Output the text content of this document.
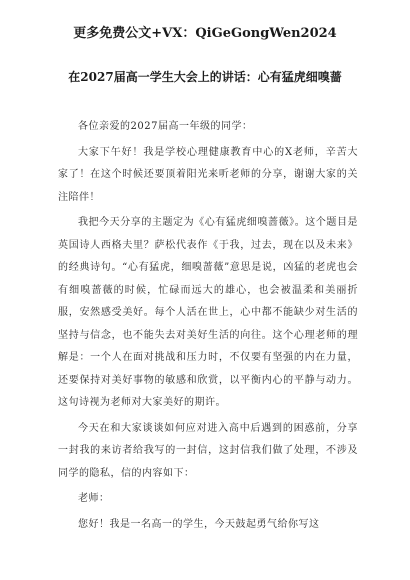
更多免费公文+VX：QiGeGongWen2024
在2027届高一学生大会上的讲话：心有猛虎细嗅蔷

各位亲爱的2027届高一年级的同学：

大家下午好！我是学校心理健康教育中心的X老师，辛苦大家了！在这个时候还要顶着阳光来听老师的分享，谢谢大家的关注陪伴！

我把今天分享的主题定为《心有猛虎细嗅蔷薇》。这个题目是英国诗人西格夫里？萨松代表作《于我，过去，现在以及未来》的经典诗句。“心有猛虎，细嗅蔷薇”意思是说，凶猛的老虎也会有细嗅蔷薇的时候，忙碌而远大的雄心，也会被温柔和美丽折服，安然感受美好。每个人活在世上，心中都不能缺少对生活的坚持与信念，也不能失去对美好生活的向往。这个心理老师的理解是：一个人在面对挑战和压力时，不仅要有坚强的内在力量，还要保持对美好事物的敏感和欣赏，以平衡内心的平静与动力。这句诗视为老师对大家美好的期许。

今天在和大家谈谈如何应对进入高中后遇到的困惑前，分享一封我的来访者给我写的一封信，这封信我们做了处理，不涉及同学的隐私，信的内容如下：

老师：

您好！我是一名高一的学生，今天鼓起勇气给你写这
